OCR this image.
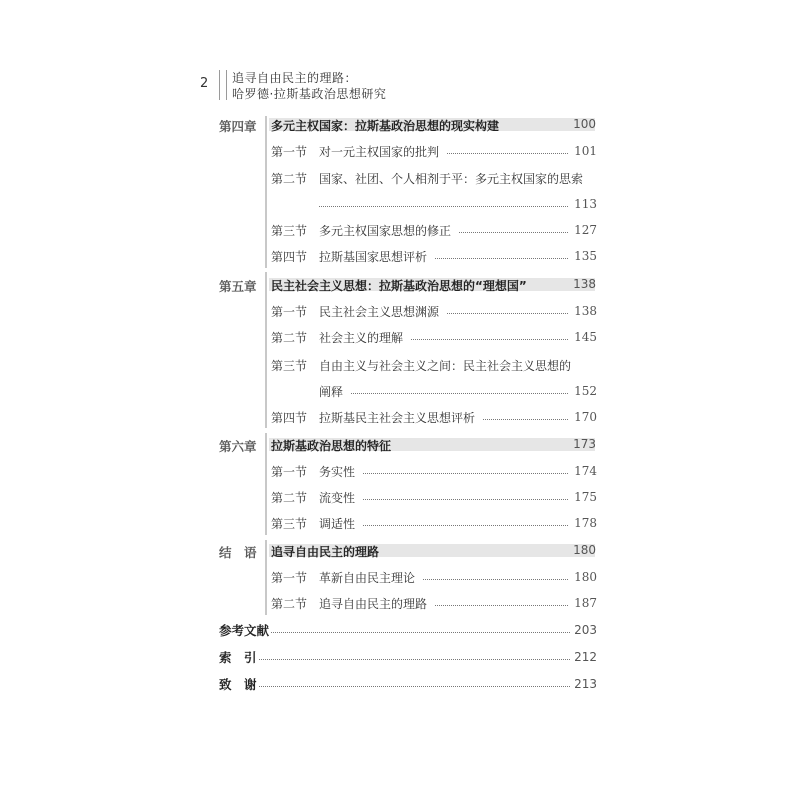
2 追寻自由民主的理路：
哈罗德·拉斯基政治思想研究
第四章 多元主权国家：拉斯基政治思想的现实构建	100
第一节 对一元主权国家的批判	101
第二节 国家、社团、个人相剂于平：多元主权国家的思索
113
第三节 多元主权国家思想的修正	127
第四节 拉斯基国家思想评析	135
第五章 民主社会主义思想：拉斯基政治思想的“理想国”	138
第一节 民主社会主义思想渊源	138
第二节 社会主义的理解	145
第三节 自由主义与社会主义之间：民主社会主义思想的
阐释	152
第四节 拉斯基民主社会主义思想评析	170
第六章 拉斯基政治思想的特征	173
第一节 务实性	174
第二节 流变性	175
第三节 调适性	178
结　语 追寻自由民主的理路	180
第一节 革新自由民主理论	180
第二节 追寻自由民主的理路	187
参考文献	203
索　引	212
致　谢	213
